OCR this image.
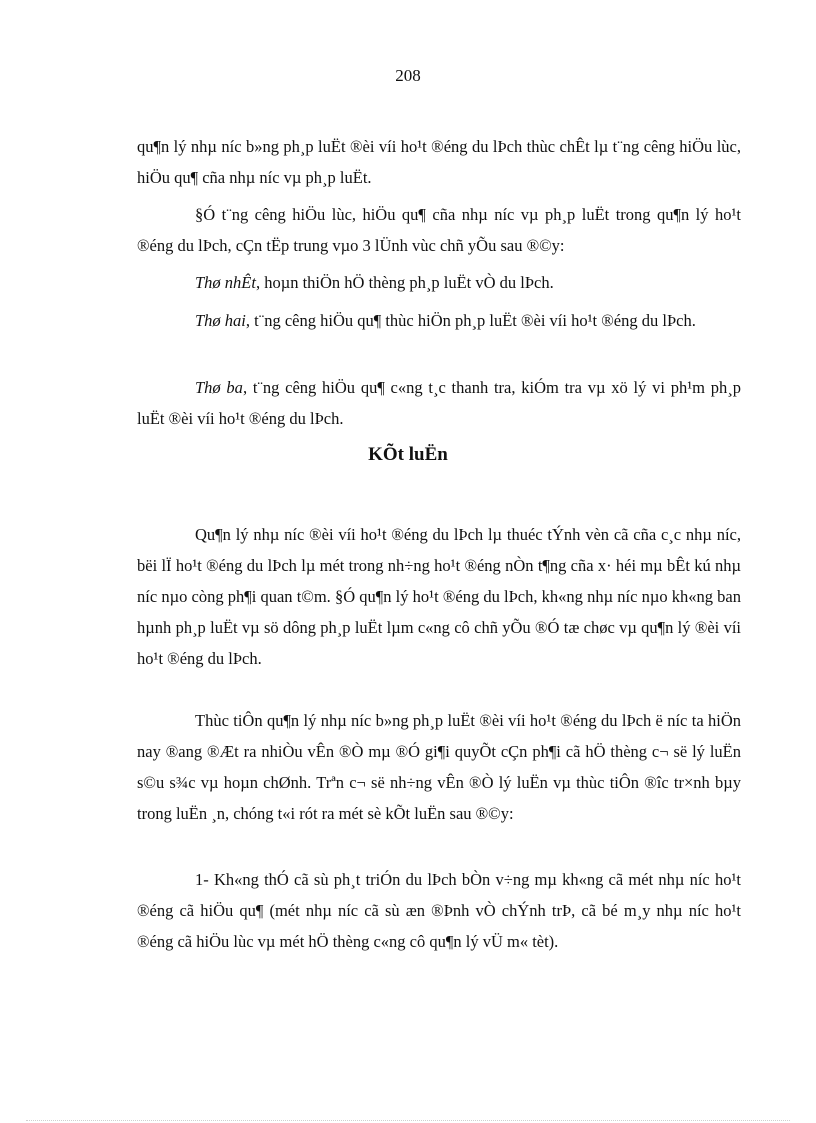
208

qu¶n lý nhµ níc b»ng ph¸p luËt ®èi víi ho¹t ®éng du lÞch thùc chÊt lµ t¨ng cêng hiÖu lùc, hiÖu qu¶ cña nhµ níc vµ ph¸p luËt.

§Ó t¨ng cêng hiÖu lùc, hiÖu qu¶ cña nhµ níc vµ ph¸p luËt trong qu¶n lý ho¹t ®éng du lÞch, cÇn tËp trung vµo 3 lÜnh vùc chñ yÕu sau ®©y:

Thø nhÊt, hoµn thiÖn hÖ thèng ph¸p luËt vÒ du lÞch.

Thø hai, t¨ng cêng hiÖu qu¶ thùc hiÖn ph¸p luËt ®èi víi ho¹t ®éng du lÞch.

Thø ba, t¨ng cêng hiÖu qu¶ c«ng t¸c thanh tra, kiÓm tra vµ xö lý vi ph¹m ph¸p luËt ®èi víi ho¹t ®éng du lÞch.

KÕt luËn

Qu¶n lý nhµ níc ®èi víi ho¹t ®éng du lÞch lµ thuéc tÝnh vèn cã cña c¸c nhµ níc, bëi lÏ ho¹t ®éng du lÞch lµ mét trong nh÷ng ho¹t ®éng nÒn t¶ng cña x· héi mµ bÊt kú nhµ níc nµo còng ph¶i quan t©m. §Ó qu¶n lý ho¹t ®éng du lÞch, kh«ng nhµ níc nµo kh«ng ban hµnh ph¸p luËt vµ sö dông ph¸p luËt lµm c«ng cô chñ yÕu ®Ó tæ chøc vµ qu¶n lý ®èi víi ho¹t ®éng du lÞch.

Thùc tiÔn qu¶n lý nhµ níc b»ng ph¸p luËt ®èi víi ho¹t ®éng du lÞch ë níc ta hiÖn nay ®ang ®Æt ra nhiÒu vÊn ®Ò mµ ®Ó gi¶i quyÕt cÇn ph¶i cã hÖ thèng c¬ së lý luËn s©u s¾c vµ hoµn chØnh. Trªn c¬ së nh÷ng vÊn ®Ò lý luËn vµ thùc tiÔn ®îc tr×nh bµy trong luËn ¸n, chóng t«i rót ra mét sè kÕt luËn sau ®©y:

1- Kh«ng thÓ cã sù ph¸t triÓn du lÞch bÒn v÷ng mµ kh«ng cã mét nhµ níc ho¹t ®éng cã hiÖu qu¶ (mét nhµ níc cã sù æn ®Þnh vÒ chÝnh trÞ, cã bé m¸y nhµ níc ho¹t ®éng cã hiÖu lùc vµ mét hÖ thèng c«ng cô qu¶n lý vÜ m« tèt).
